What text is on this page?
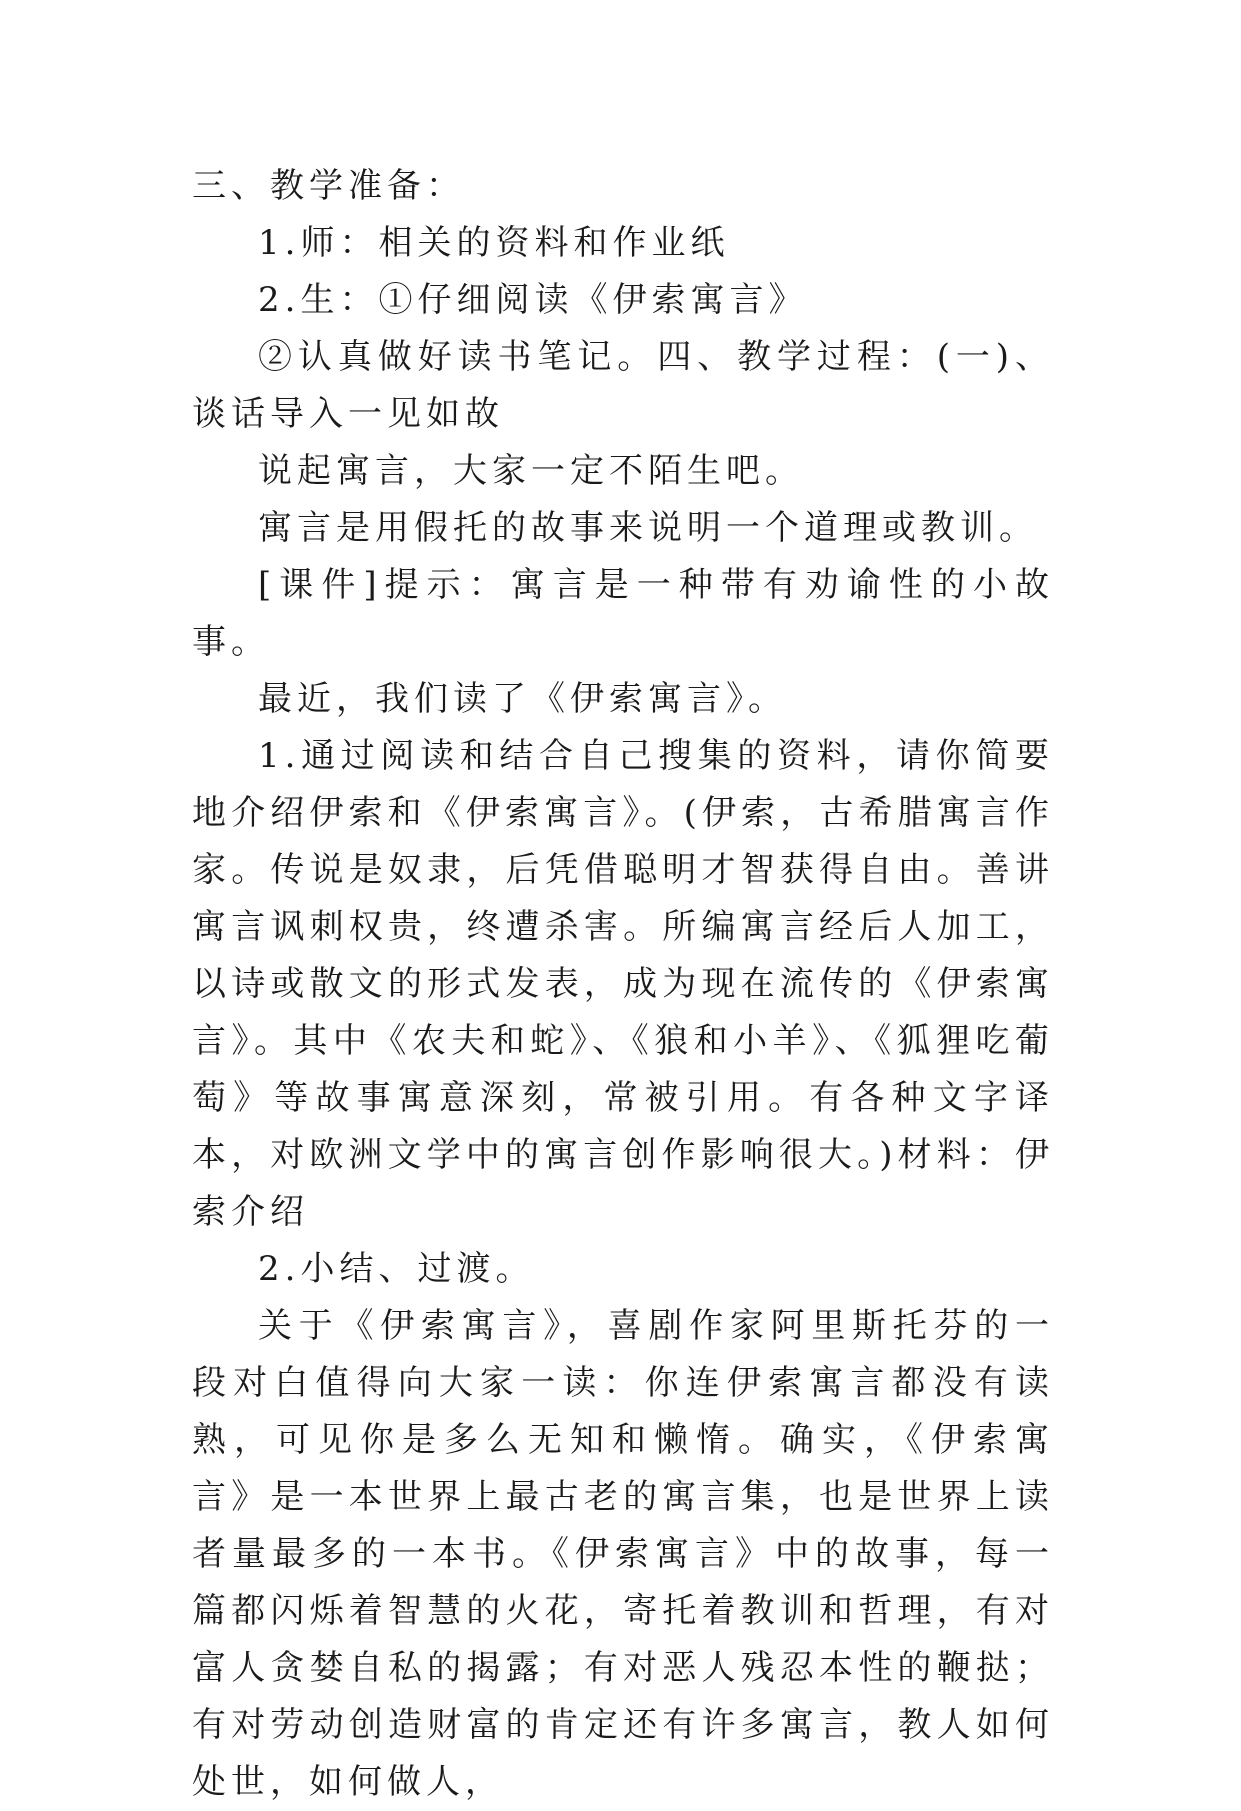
三、教学准备：

1.师：相关的资料和作业纸

2.生：①仔细阅读《伊索寓言》

②认真做好读书笔记。四、教学过程：(一)、谈话导入一见如故

说起寓言，大家一定不陌生吧。

寓言是用假托的故事来说明一个道理或教训。

[课件]提示：寓言是一种带有劝谕性的小故事。

最近，我们读了《伊索寓言》。

1.通过阅读和结合自己搜集的资料，请你简要地介绍伊索和《伊索寓言》。(伊索，古希腊寓言作家。传说是奴隶，后凭借聪明才智获得自由。善讲寓言讽刺权贵，终遭杀害。所编寓言经后人加工，以诗或散文的形式发表，成为现在流传的《伊索寓言》。其中《农夫和蛇》、《狼和小羊》、《狐狸吃葡萄》等故事寓意深刻，常被引用。有各种文字译本，对欧洲文学中的寓言创作影响很大。)材料：伊索介绍

2.小结、过渡。

关于《伊索寓言》，喜剧作家阿里斯托芬的一段对白值得向大家一读：你连伊索寓言都没有读熟，可见你是多么无知和懒惰。确实，《伊索寓言》是一本世界上最古老的寓言集，也是世界上读者量最多的一本书。《伊索寓言》中的故事，每一篇都闪烁着智慧的火花，寄托着教训和哲理，有对富人贪婪自私的揭露；有对恶人残忍本性的鞭挞；有对劳动创造财富的肯定还有许多寓言，教人如何处世，如何做人，
